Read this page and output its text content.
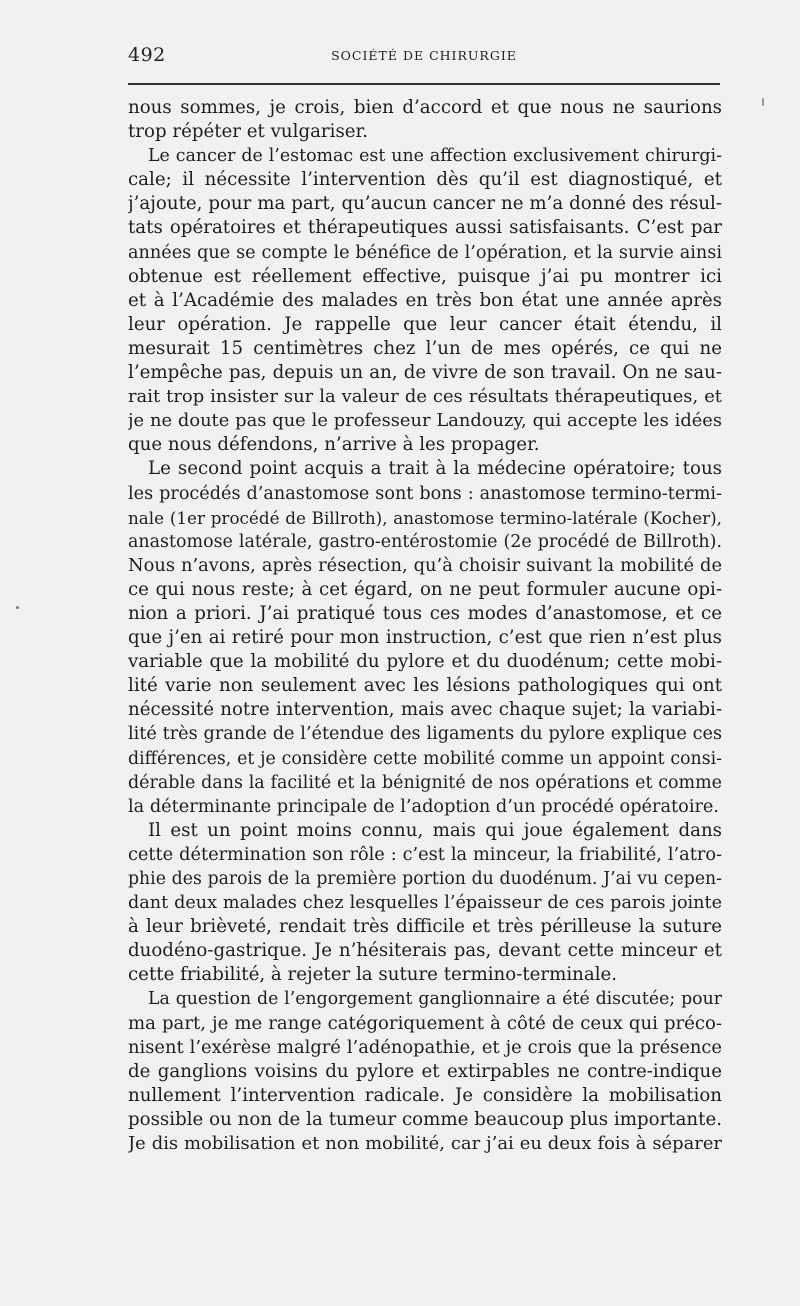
492	SOCIÉTÉ DE CHIRURGIE
nous sommes, je crois, bien d’accord et que nous ne saurions
trop répéter et vulgariser.
Le cancer de l’estomac est une affection exclusivement chirurgi-
cale; il nécessite l’intervention dès qu’il est diagnostiqué, et
j’ajoute, pour ma part, qu’aucun cancer ne m’a donné des résul-
tats opératoires et thérapeutiques aussi satisfaisants. C’est par
années que se compte le bénéfice de l’opération, et la survie ainsi
obtenue est réellement effective, puisque j’ai pu montrer ici
et à l’Académie des malades en très bon état une année après
leur opération. Je rappelle que leur cancer était étendu, il
mesurait 15 centimètres chez l’un de mes opérés, ce qui ne
l’empêche pas, depuis un an, de vivre de son travail. On ne sau-
rait trop insister sur la valeur de ces résultats thérapeutiques, et
je ne doute pas que le professeur Landouzy, qui accepte les idées
que nous défendons, n’arrive à les propager.
Le second point acquis a trait à la médecine opératoire; tous
les procédés d’anastomose sont bons : anastomose termino-termi-
nale (1er procédé de Billroth), anastomose termino-latérale (Kocher),
anastomose latérale, gastro-entérostomie (2e procédé de Billroth).
Nous n’avons, après résection, qu’à choisir suivant la mobilité de
ce qui nous reste; à cet égard, on ne peut formuler aucune opi-
nion a priori. J’ai pratiqué tous ces modes d’anastomose, et ce
que j’en ai retiré pour mon instruction, c’est que rien n’est plus
variable que la mobilité du pylore et du duodénum; cette mobi-
lité varie non seulement avec les lésions pathologiques qui ont
nécessité notre intervention, mais avec chaque sujet; la variabi-
lité très grande de l’étendue des ligaments du pylore explique ces
différences, et je considère cette mobilité comme un appoint consi-
dérable dans la facilité et la bénignité de nos opérations et comme
la déterminante principale de l’adoption d’un procédé opératoire.
Il est un point moins connu, mais qui joue également dans
cette détermination son rôle : c’est la minceur, la friabilité, l’atro-
phie des parois de la première portion du duodénum. J’ai vu cepen-
dant deux malades chez lesquelles l’épaisseur de ces parois jointe
à leur brièveté, rendait très difficile et très périlleuse la suture
duodéno-gastrique. Je n’hésiterais pas, devant cette minceur et
cette friabilité, à rejeter la suture termino-terminale.
La question de l’engorgement ganglionnaire a été discutée; pour
ma part, je me range catégoriquement à côté de ceux qui préco-
nisent l’exérèse malgré l’adénopathie, et je crois que la présence
de ganglions voisins du pylore et extirpables ne contre-indique
nullement l’intervention radicale. Je considère la mobilisation
possible ou non de la tumeur comme beaucoup plus importante.
Je dis mobilisation et non mobilité, car j’ai eu deux fois à séparer
